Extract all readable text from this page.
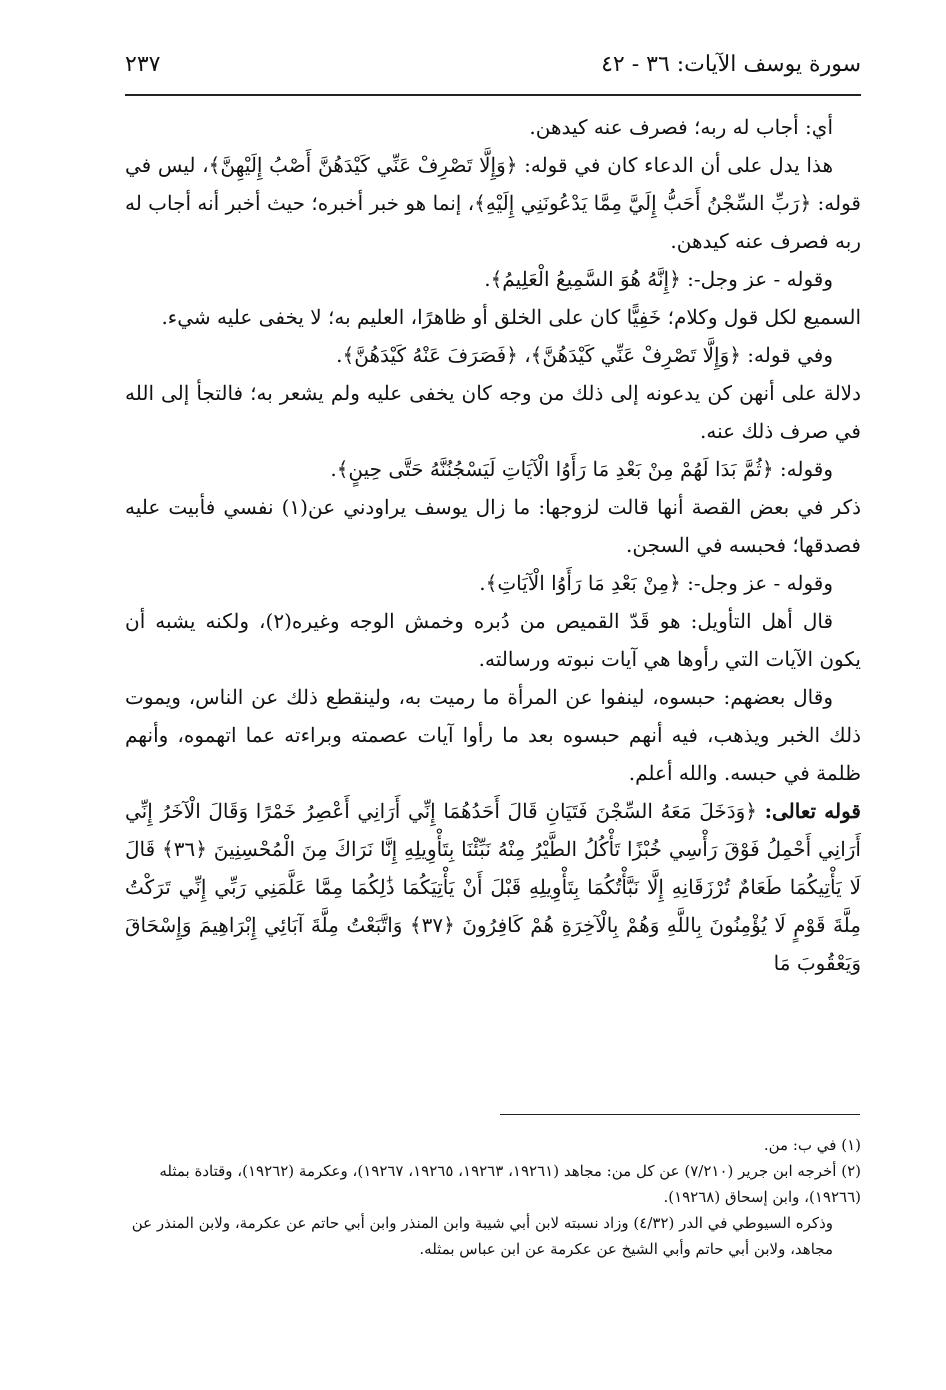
سورة يوسف الآيات: ٣٦ - ٤٢
٢٣٧

أي: أجاب له ربه؛ فصرف عنه كيدهن.

هذا يدل على أن الدعاء كان في قوله: ﴿وَإِلَّا تَصْرِفْ عَنِّي كَيْدَهُنَّ أَصْبُ إِلَيْهِنَّ﴾، ليس في قوله: ﴿رَبِّ السِّجْنُ أَحَبُّ إِلَيَّ مِمَّا يَدْعُونَنِي إِلَيْهِ﴾، إنما هو خبر أخبره؛ حيث أخبر أنه أجاب له ربه فصرف عنه كيدهن.

وقوله - عز وجل-: ﴿إِنَّهُ هُوَ السَّمِيعُ الْعَلِيمُ﴾.

السميع لكل قول وكلام؛ خَفِيًّا كان على الخلق أو ظاهرًا، العليم به؛ لا يخفى عليه شيء.

وفي قوله: ﴿وَإِلَّا تَصْرِفْ عَنِّي كَيْدَهُنَّ﴾، ﴿فَصَرَفَ عَنْهُ كَيْدَهُنَّ﴾.

دلالة على أنهن كن يدعونه إلى ذلك من وجه كان يخفى عليه ولم يشعر به؛ فالتجأ إلى الله في صرف ذلك عنه.

وقوله: ﴿ثُمَّ بَدَا لَهُمْ مِنْ بَعْدِ مَا رَأَوُا الْآيَاتِ لَيَسْجُنُنَّهُ حَتَّى حِينٍ﴾.

ذكر في بعض القصة أنها قالت لزوجها: ما زال يوسف يراودني عن(١) نفسي فأبيت عليه فصدقها؛ فحبسه في السجن.

وقوله - عز وجل-: ﴿مِنْ بَعْدِ مَا رَأَوُا الْآيَاتِ﴾.

قال أهل التأويل: هو قَدّ القميص من دُبره وخمش الوجه وغيره(٢)، ولكنه يشبه أن يكون الآيات التي رأوها هي آيات نبوته ورسالته.

وقال بعضهم: حبسوه، لينفوا عن المرأة ما رميت به، ولينقطع ذلك عن الناس، ويموت ذلك الخبر ويذهب، فيه أنهم حبسوه بعد ما رأوا آيات عصمته وبراءته عما اتهموه، وأنهم ظلمة في حبسه. والله أعلم.

قوله تعالى: ﴿وَدَخَلَ مَعَهُ السِّجْنَ فَتَيَانِ قَالَ أَحَدُهُمَا إِنِّي أَرَانِي أَعْصِرُ خَمْرًا وَقَالَ الْآخَرُ إِنِّي أَرَانِي أَحْمِلُ فَوْقَ رَأْسِي خُبْزًا تَأْكُلُ الطَّيْرُ مِنْهُ نَبِّئْنَا بِتَأْوِيلِهِ إِنَّا نَرَاكَ مِنَ الْمُحْسِنِينَ ﴿٣٦﴾ قَالَ لَا يَأْتِيكُمَا طَعَامٌ تُرْزَقَانِهِ إِلَّا نَبَّأْتُكُمَا بِتَأْوِيلِهِ قَبْلَ أَنْ يَأْتِيَكُمَا ذَٰلِكُمَا مِمَّا عَلَّمَنِي رَبِّي إِنِّي تَرَكْتُ مِلَّةَ قَوْمٍ لَا يُؤْمِنُونَ بِاللَّهِ وَهُمْ بِالْآخِرَةِ هُمْ كَافِرُونَ ﴿٣٧﴾ وَاتَّبَعْتُ مِلَّةَ آبَائِي إِبْرَاهِيمَ وَإِسْحَاقَ وَيَعْقُوبَ مَا

(١) في ب: من.

(٢) أخرجه ابن جرير (٧/٢١٠) عن كل من: مجاهد (١٩٢٦١، ١٩٢٦٣، ١٩٢٦٥، ١٩٢٦٧)، وعكرمة (١٩٢٦٢)، وقتادة بمثله (١٩٢٦٦)، وابن إسحاق (١٩٢٦٨).

وذكره السيوطي في الدر (٤/٣٢) وزاد نسبته لابن أبي شيبة وابن المنذر وابن أبي حاتم عن عكرمة، ولابن المنذر عن مجاهد، ولابن أبي حاتم وأبي الشيخ عن عكرمة عن ابن عباس بمثله.
